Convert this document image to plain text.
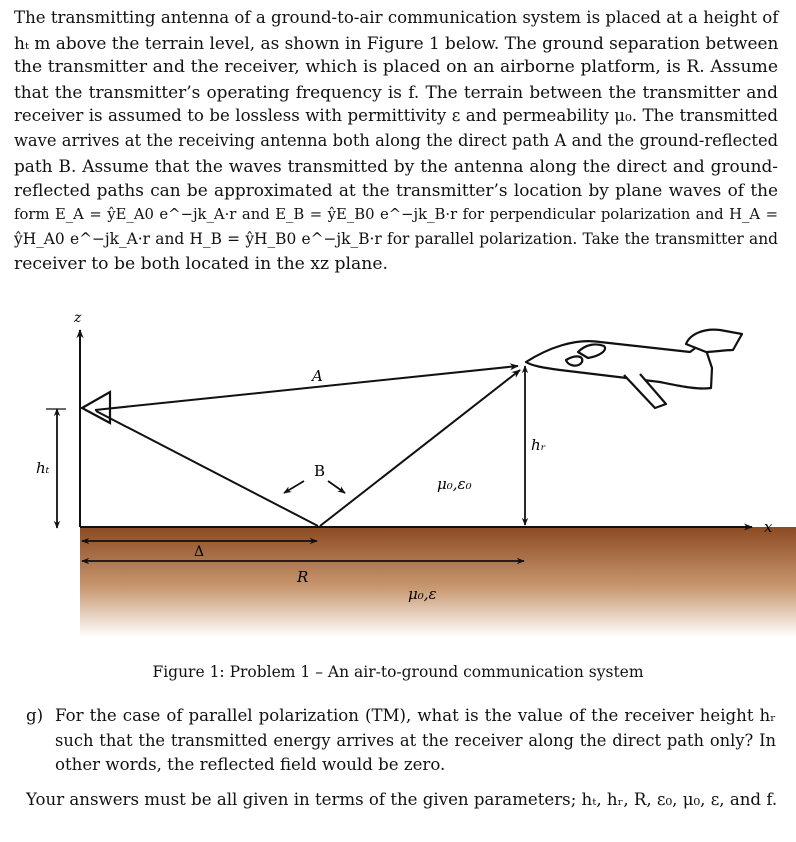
The transmitting antenna of a ground-to-air communication system is placed at a height of
hₜ m above the terrain level, as shown in Figure 1 below. The ground separation between
the transmitter and the receiver, which is placed on an airborne platform, is R. Assume
that the transmitter’s operating frequency is f. The terrain between the transmitter and
receiver is assumed to be lossless with permittivity ε and permeability μ₀. The transmitted
wave arrives at the receiving antenna both along the direct path A and the ground-reflected
path B. Assume that the waves transmitted by the antenna along the direct and ground-
reflected paths can be approximated at the transmitter’s location by plane waves of the
form E_A = ŷE_A0 e^−jk_A·r and E_B = ŷE_B0 e^−jk_B·r for perpendicular polarization and H_A =
ŷH_A0 e^−jk_A·r and H_B = ŷH_B0 e^−jk_B·r for parallel polarization. Take the transmitter and
receiver to be both located in the xz plane.
z
x
hₜ
A
B
hᵣ
μ₀,ε₀
μ₀,ε
Δ
R
Figure 1: Problem 1 – An air-to-ground communication system
g) For the case of parallel polarization (TM), what is the value of the receiver height hᵣ
such that the transmitted energy arrives at the receiver along the direct path only? In
other words, the reflected field would be zero.
Your answers must be all given in terms of the given parameters; hₜ, hᵣ, R, ε₀, μ₀, ε, and f.
